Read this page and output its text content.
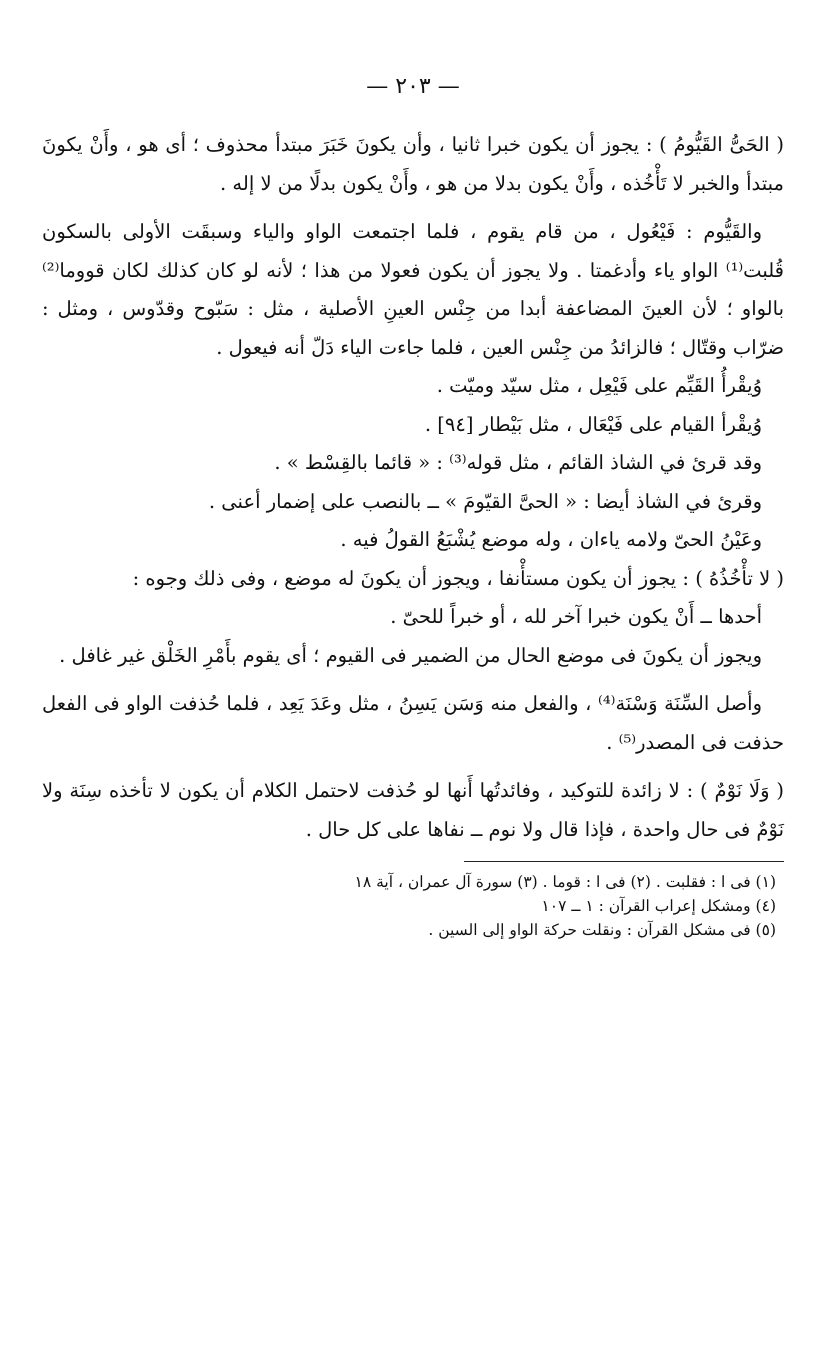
— ٢٠٣ —

( الحَىُّ القَيُّومُ ) : يجوز أن يكون خبرا ثانيا ، وأن يكونَ خَبَرَ مبتدأ محذوف ؛ أى هو ، وأَنْ يكونَ مبتدأ والخبر لا تَأْخُذه ، وأَنْ يكون بدلا من هو ، وأَنْ يكون بدلًا من لا إله .

والقَيُّوم : فَيْعُول ، من قام يقوم ، فلما اجتمعت الواو والياء وسبقَت الأولى بالسكون قُلبت⁽¹⁾ الواو ياء وأدغمتا . ولا يجوز أن يكون فعولا من هذا ؛ لأنه لو كان كذلك لكان قووما⁽²⁾ بالواو ؛ لأن العينَ المضاعفة أبدا من جِنْس العينِ الأصلية ، مثل : سَبّوح وقدّوس ، ومثل : ضرّاب وقتّال ؛ فالزائدُ من جِنْس العين ، فلما جاءت الياء دَلّ أنه فيعول .

وُيقْرأُ القَيِّم على فَيْعِل ، مثل سيّد وميّت .

وُيقْرأ القيام على فَيْعَال ، مثل بَيْطار [٩٤] .

وقد قرئ في الشاذ القائم ، مثل قوله⁽³⁾ : « قائما بالقِسْط » .

وقرئ في الشاذ أيضا : « الحىَّ القيّومَ » ــ بالنصب على إضمار أعنى .

وعَيْنُ الحىّ ولامه ياءان ، وله موضع يُشْبَعُ القولُ فيه .

( لا تأْخُذُهُ ) : يجوز أن يكون مستأْنفا ، ويجوز أن يكونَ له موضع ، وفى ذلك وجوه :

أحدها ــ أَنْ يكون خبرا آخر لله ، أو خبراً للحىّ .

ويجوز أن يكونَ فى موضع الحال من الضمير فى القيوم ؛ أى يقوم بأَمْرِ الخَلْق غير غافل .

وأصل السِّنَة وَسْنَة⁽⁴⁾ ، والفعل منه وَسَن يَسِنُ ، مثل وعَدَ يَعِد ، فلما حُذفت الواو فى الفعل حذفت فى المصدر⁽⁵⁾ .

( وَلَا نَوْمٌ ) : لا زائدة للتوكيد ، وفائدتُها أَنها لو حُذفت لاحتمل الكلام أن يكون لا تأخذه سِنَة ولا نَوْمٌ فى حال واحدة ، فإذا قال ولا نوم ــ نفاها على كل حال .

(١) فى ا : فقلبت . (٢) فى ا : قوما . (٣) سورة آل عمران ، آية ١٨

(٤) ومشكل إعراب القرآن : ١ ــ ١٠٧

(٥) فى مشكل القرآن : ونقلت حركة الواو إلى السين .
